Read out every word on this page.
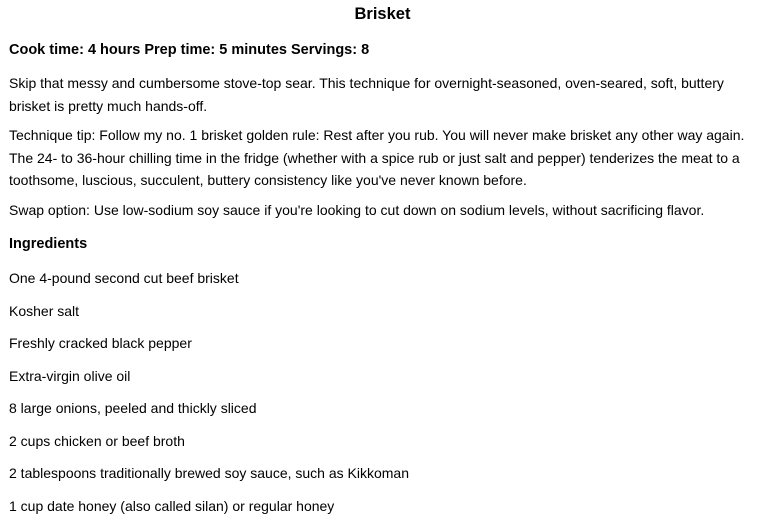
Brisket
Cook time: 4 hours Prep time: 5 minutes Servings: 8

Skip that messy and cumbersome stove-top sear. This technique for overnight-seasoned, oven-seared, soft, buttery brisket is pretty much hands-off.

Technique tip: Follow my no. 1 brisket golden rule: Rest after you rub. You will never make brisket any other way again. The 24- to 36-hour chilling time in the fridge (whether with a spice rub or just salt and pepper) tenderizes the meat to a toothsome, luscious, succulent, buttery consistency like you've never known before.

Swap option: Use low-sodium soy sauce if you're looking to cut down on sodium levels, without sacrificing flavor.

Ingredients
One 4-pound second cut beef brisket
Kosher salt
Freshly cracked black pepper
Extra-virgin olive oil
8 large onions, peeled and thickly sliced
2 cups chicken or beef broth
2 tablespoons traditionally brewed soy sauce, such as Kikkoman
1 cup date honey (also called silan) or regular honey
